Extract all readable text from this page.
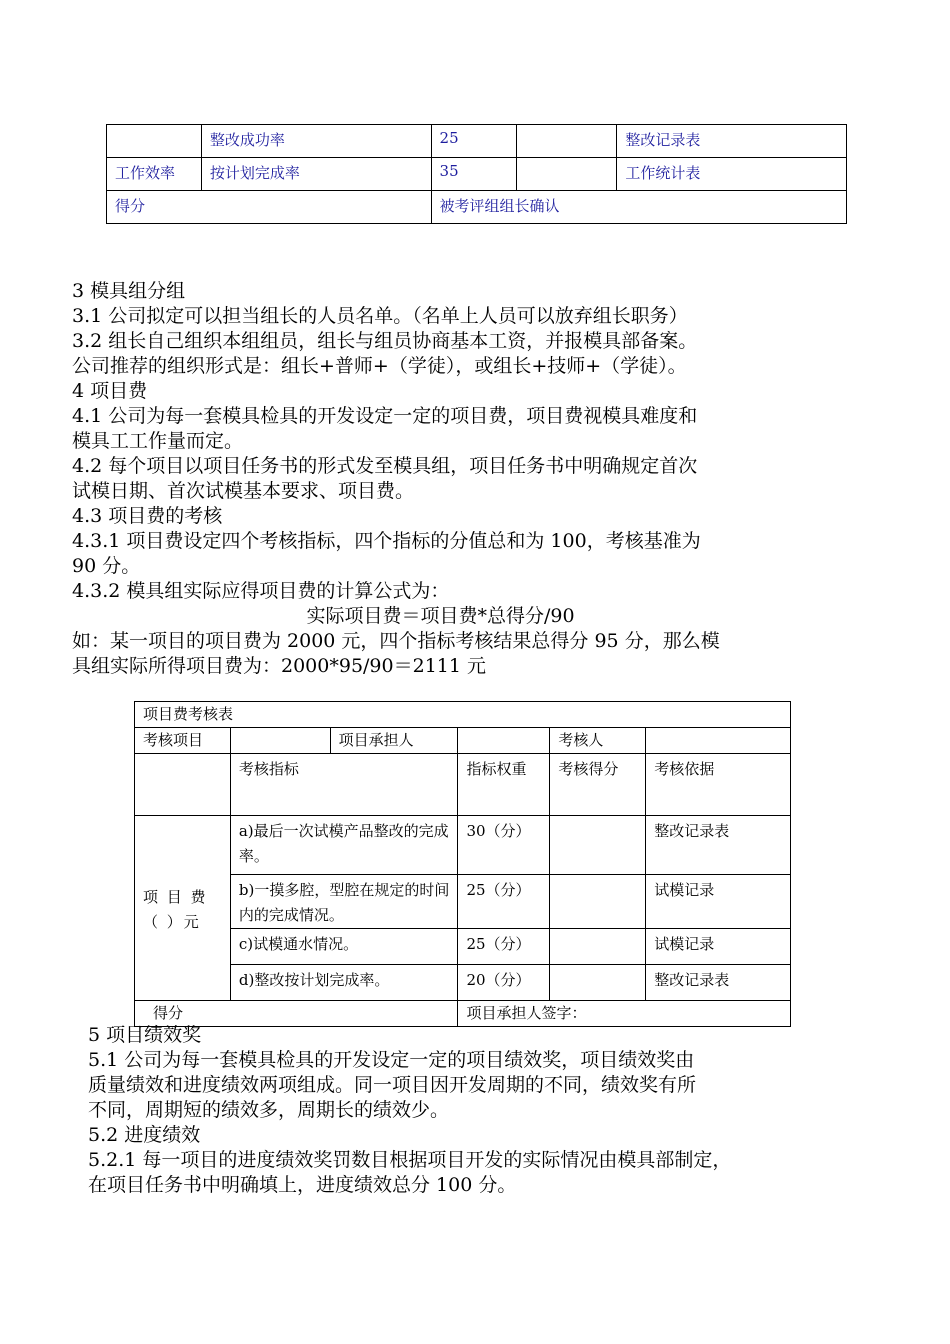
	整改成功率	25		整改记录表
工作效率	按计划完成率	35		工作统计表
得分		被考评组组长确认		

3 模具组分组

3.1 公司拟定可以担当组长的人员名单。（名单上人员可以放弃组长职务）

3.2 组长自己组织本组组员，组长与组员协商基本工资，并报模具部备案。

公司推荐的组织形式是：组长+普师+（学徒），或组长+技师+（学徒）。

4 项目费

4.1 公司为每一套模具检具的开发设定一定的项目费，项目费视模具难度和

模具工工作量而定。

4.2 每个项目以项目任务书的形式发至模具组，项目任务书中明确规定首次

试模日期、首次试模基本要求、项目费。

4.3 项目费的考核

4.3.1 项目费设定四个考核指标，四个指标的分值总和为 100，考核基准为

90 分。

4.3.2 模具组实际应得项目费的计算公式为：

实际项目费＝项目费*总得分/90

如：某一项目的项目费为 2000 元，四个指标考核结果总得分 95 分，那么模

具组实际所得项目费为：2000*95/90＝2111 元

项目费考核表					
考核项目		项目承担人		考核人	
	考核指标		指标权重	考核得分	考核依据
项 目 费（ ）元	a)最后一次试模产品整改的完成率。		30（分）		整改记录表
	b)一摸多腔，型腔在规定的时间内的完成情况。		25（分）		试模记录
	c)试模通水情况。		25（分）		试模记录
	d)整改按计划完成率。		20（分）		整改记录表
得分			项目承担人签字：		

5 项目绩效奖

5.1 公司为每一套模具检具的开发设定一定的项目绩效奖，项目绩效奖由

质量绩效和进度绩效两项组成。同一项目因开发周期的不同，绩效奖有所

不同，周期短的绩效多，周期长的绩效少。

5.2 进度绩效

5.2.1 每一项目的进度绩效奖罚数目根据项目开发的实际情况由模具部制定，

在项目任务书中明确填上，进度绩效总分 100 分。
